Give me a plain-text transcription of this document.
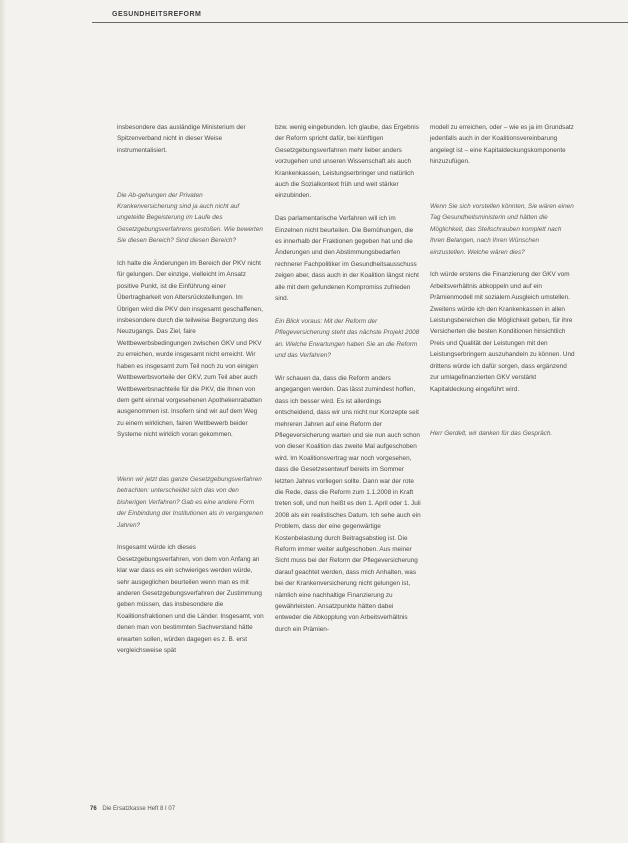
GESUNDHEITSREFORM

insbesondere das ausländige Ministerium der Spitzenverband nicht in dieser Weise instrumentalisiert.

Die Ab-gehungen der Privaten Krankenversicherung sind ja auch nicht auf ungeteilte Begeisterung im Laufe des Gesetzgebungsverfahrens gestoßen. Wie bewerten Sie diesen Bereich? Sind diesen Bereich?

Ich halte die Änderungen im Bereich der PKV nicht für gelungen. Der einzige, vielleicht im Ansatz positive Punkt, ist die Einführung einer Übertragbarkeit von Altersrückstellungen. Im Übrigen wird die PKV den insgesamt geschaffenen, insbesondere durch die teilweise Begrenzung des Neuzugangs. Das Ziel, faire Wettbewerbsbedingungen zwischen GKV und PKV zu erreichen, wurde insgesamt nicht erreicht. Wir haben es insgesamt zum Teil noch zu von einigen Wettbewerbsvorteile der GKV, zum Teil aber auch Wettbewerbsnachteile für die PKV, die Ihnen von dem geht einmal vorgesehenen Apothekenrabatten ausgenommen ist. Insofern sind wir auf dem Weg zu einem wirklichen, fairen Wettbewerb beider Systeme nicht wirklich voran gekommen.

Wenn wir jetzt das ganze Gesetzgebungsverfahren betrachten: unterscheidet sich das von den bisherigen Verfahren? Gab es eine andere Form der Einbindung der Institutionen als in vergangenen Jahren?

Insgesamt würde ich dieses Gesetzgebungsverfahren, von dem von Anfang an klar war dass es ein schwieriges werden würde, sehr ausgeglichen beurteilen wenn man es mit anderen Gesetzgebungsverfahren der Zustimmung geben müssen, das insbesondere die Koalitionsfraktionen und die Länder. Insgesamt, von denen man von bestimmten Sachverstand hätte erwarten sollen, würden dagegen es z. B. erst vergleichsweise spät

bzw. wenig eingebunden. Ich glaube, das Ergebnis der Reform spricht dafür, bei künftigen Gesetzgebungsverfahren mehr lieber anders vorzugehen und unseren Wissenschaft als auch Krankenkassen, Leistungserbringer und natürlich auch die Sozialkontext früh und weit stärker einzubinden.

Das parlamentarische Verfahren will ich im Einzelnen nicht beurteilen. Die Bemühungen, die es innerhalb der Fraktionen gegeben hat und die Änderungen und den Abstimmungsbedarfen rechnerer Fachpolitiker im Gesundheitsausschuss zeigen aber, dass auch in der Koalition längst nicht alle mit dem gefundenen Kompromiss zufrieden sind.

Ein Blick voraus: Mit der Reform der Pflegeversicherung steht das nächste Projekt 2008 an. Welche Erwartungen haben Sie an die Reform und das Verfahren?

Wir schauen da, dass die Reform anders angegangen werden. Das lässt zumindest hoffen, dass ich besser wird. Es ist allerdings entscheidend, dass wir uns nicht nur Konzepte seit mehreren Jahren auf eine Reform der Pflegeversicherung warten und sie nun auch schon von dieser Koalition das zweite Mal aufgeschoben wird. Im Koalitionsvertrag war noch vorgesehen, dass die Gesetzesentwurf bereits im Sommer letzten Jahres vorliegen sollte. Dann war der rote die Rede, dass die Reform zum 1.1.2008 in Kraft treten soll, und nun heißt es den 1. April oder 1. Juli 2008 als ein realistisches Datum. Ich sehe auch ein Problem, dass der eine gegenwärtige Kostenbelastung durch Beitragsabstieg ist. Die Reform immer weiter aufgeschoben. Aus meiner Sicht muss bei der Reform der Pflegeversicherung darauf geachtet werden, dass mich Anhalten, was bei der Krankenversicherung nicht gelungen ist, nämlich eine nachhaltige Finanzierung zu gewährleisten. Ansatzpunkte hätten dabei entweder die Abkopplung von Arbeitsverhältnis durch ein Prämien-

modell zu erreichen, oder – wie es ja im Grundsatz jedenfalls auch in der Koalitionsvereinbarung angelegt ist – eine Kapitaldeckungskomponente hinzuzufügen.

Wenn Sie sich vorstellen könnten, Sie wären einen Tag Gesundheitsministerin und hätten die Möglichkeit, das Stellschrauben komplett nach Ihren Belangen, nach Ihren Wünschen einzustellen. Welche wären dies?

Ich würde erstens die Finanzierung der GKV vom Arbeitsverhältnis abkoppeln und auf ein Prämienmodell mit sozialem Ausgleich umstellen. Zweitens würde ich den Krankenkassen in allen Leistungsbereichen die Möglichkeit geben, für ihre Versicherten die besten Konditionen hinsichtlich Preis und Qualität der Leistungen mit den Leistungserbringern auszuhandeln zu können. Und drittens würde ich dafür sorgen, dass ergänzend zur umlagefinanzierten GKV verstärkt Kapitaldeckung eingeführt wird.

Herr Gerdelt, wir danken für das Gespräch.

76 Die Ersatzkasse Heft 8 I 07
